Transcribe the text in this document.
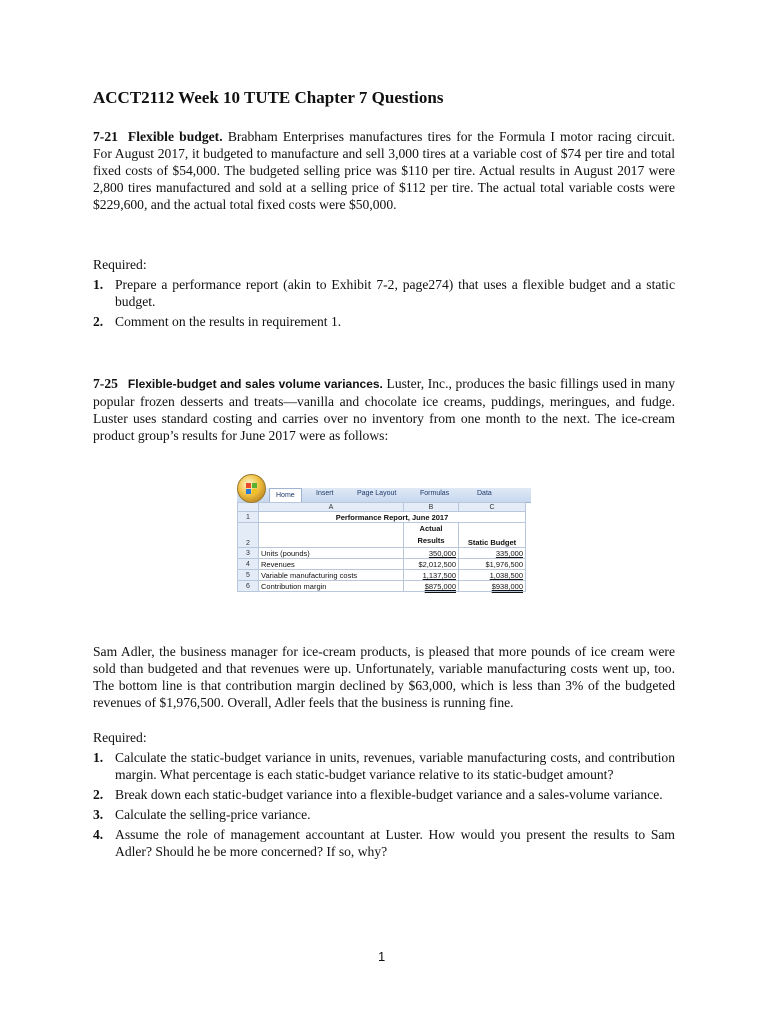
ACCT2112 Week 10 TUTE Chapter 7 Questions
7-21 Flexible budget. Brabham Enterprises manufactures tires for the Formula I motor racing circuit. For August 2017, it budgeted to manufacture and sell 3,000 tires at a variable cost of $74 per tire and total fixed costs of $54,000. The budgeted selling price was $110 per tire. Actual results in August 2017 were 2,800 tires manufactured and sold at a selling price of $112 per tire. The actual total variable costs were $229,600, and the actual total fixed costs were $50,000.
Required:
1. Prepare a performance report (akin to Exhibit 7-2, page274) that uses a flexible budget and a static budget.
2. Comment on the results in requirement 1.
7-25 Flexible-budget and sales volume variances. Luster, Inc., produces the basic fillings used in many popular frozen desserts and treats—vanilla and chocolate ice creams, puddings, meringues, and fudge. Luster uses standard costing and carries over no inventory from one month to the next. The ice-cream product group’s results for June 2017 were as follows:
Home	Insert	Page Layout	Formulas	Data
	A	B	C
1	Performance Report, June 2017		
2		Actual
Results	Static Budget
3	Units (pounds)	350,000	335,000
4	Revenues	$2,012,500	$1,976,500
5	Variable manufacturing costs	1,137,500	1,038,500
6	Contribution margin	$875,000	$938,000
Sam Adler, the business manager for ice-cream products, is pleased that more pounds of ice cream were sold than budgeted and that revenues were up. Unfortunately, variable manufacturing costs went up, too. The bottom line is that contribution margin declined by $63,000, which is less than 3% of the budgeted revenues of $1,976,500. Overall, Adler feels that the business is running fine.
Required:
1. Calculate the static-budget variance in units, revenues, variable manufacturing costs, and contribution margin. What percentage is each static-budget variance relative to its static-budget amount?
2. Break down each static-budget variance into a flexible-budget variance and a sales-volume variance.
3. Calculate the selling-price variance.
4. Assume the role of management accountant at Luster. How would you present the results to Sam Adler? Should he be more concerned? If so, why?
1
